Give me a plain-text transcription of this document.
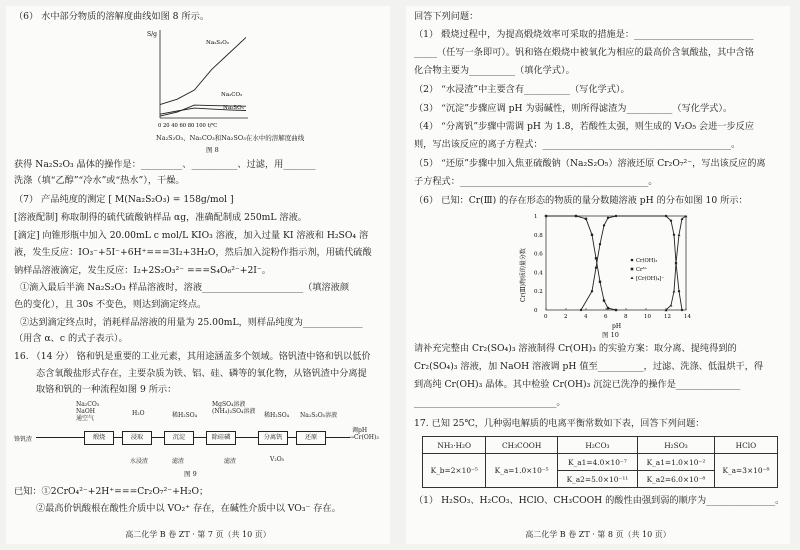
（6） 水中部分物质的溶解度曲线如图 8 所示。
S/g
Na₂S₂O₃
Na₂CO₃
Na₂SO₃
0 20 40 60 80 100 t/℃
Na₂S₂O₃、Na₂CO₃和Na₂SO₃在水中的溶解度曲线
图 8
获得 Na₂S₂O₃ 晶体的操作是：_________、__________、过滤，用_______
洗涤（填“乙醇”“冷水”或“热水”），干燥。
（7） 产品纯度的测定 [ M(Na₂S₂O₃) = 158g/mol ]
[溶液配制] 称取制得的硫代硫酸钠样品 αg，准确配制成 250mL 溶液。
[滴定] 向锥形瓶中加入 20.00mL c mol/L KIO₃ 溶液，加入过量 KI 溶液和 H₂SO₄ 溶
液，发生反应：IO₃⁻+5I⁻+6H⁺===3I₂+3H₂O，然后加入淀粉作指示剂，用硫代硫酸
钠样品溶液滴定，发生反应：I₂+2S₂O₃²⁻ ===S₄O₆²⁻+2I⁻。
①滴入最后半滴 Na₂S₂O₃ 样品溶液时，溶液______________________（填溶液颜
色的变化），且 30s 不变色，则达到滴定终点。
②达到滴定终点时，消耗样品溶液的用量为 25.00mL，则样品纯度为_____________
（用含 α、c 的式子表示）。
16. （14 分） 铬和钒是重要的工业元素，其用途涵盖多个领域。铬钒渣中铬和钒以低价
态含氧酸盐形式存在，主要杂质为铁、铝、硅、磷等的氧化物，从铬钒渣中分离提
取铬和钒的一种流程如图 9 所示：
Na₂CO₃
NaOH
通空气
H₂O	稀H₂SO₄
MgSO₄溶液
(NH₄)₂SO₄溶液
稀H₂SO₄ Na₂S₂O₅溶液
铬钒渣	煅烧	浸取	沉淀	除硅磷	分离钒	还原
调pH
→Cr(OH)₃
水浸渣	滤渣	滤渣	V₂O₅
图 9
已知：①2CrO₄²⁻+2H⁺===Cr₂O₇²⁻+H₂O；
②最高价钒酸根在酸性介质中以 VO₂⁺ 存在，在碱性介质中以 VO₃⁻ 存在。
高二化学 B 卷 ZT · 第 7 页（共 10 页）
回答下列问题：
（1） 煅烧过程中，为提高煅烧效率可采取的措施是：__________________________
_____（任写一条即可）。钒和铬在煅烧中被氧化为相应的最高价含氧酸盐，其中含铬
化合物主要为__________（填化学式）。
（2） “水浸渣”中主要含有__________（写化学式）。
（3） “沉淀”步骤应调 pH 为弱碱性，则所得滤渣为__________（写化学式）。
（4） “分离钒”步骤中需调 pH 为 1.8，若酸性太强，则生成的 V₂O₅ 会进一步反应
则，写出该反应的离子方程式：_________________________________________。
（5） “还原”步骤中加入焦亚硫酸钠（Na₂S₂O₅）溶液还原 Cr₂O₇²⁻，写出该反应的离
子方程式：_________________________________________。
（6） 已知：Cr(Ⅲ) 的存在形态的物质的量分数随溶液 pH 的分布如图 10 所示：
Cr(Ⅲ)物质的量分数
pH
0	2	4	6	8	10 12 14
0
0.2
0.4
0.6
0.8
1
Cr(OH)₃
Cr³⁺
[Cr(OH)₄]⁻
图 10
请补充完整由 Cr₂(SO₄)₃ 溶液制得 Cr(OH)₃ 的实验方案：取分离、提纯得到的
Cr₂(SO₄)₃ 溶液，加 NaOH 溶液调 pH 值至__________，过滤、洗涤、低温烘干，得
到高纯 Cr(OH)₃ 晶体。其中检验 Cr(OH)₃ 沉淀已洗净的操作是______________
_______________________________。
17. 已知 25℃，几种弱电解质的电离平衡常数如下表，回答下列问题：
NH₃·H₂O	CH₃COOH	H₂CO₃	H₂SO₃	HClO
K_b=2×10⁻⁵	K_a=1.0×10⁻⁵	K_a1=4.0×10⁻⁷	K_a1=1.0×10⁻²	K_a=3×10⁻⁸
		K_a2=5.0×10⁻¹¹	K_a2=6.0×10⁻⁸	
（1） H₂SO₃、H₂CO₃、HClO、CH₃COOH 的酸性由强到弱的顺序为_______________。
高二化学 B 卷 ZT · 第 8 页（共 10 页）
